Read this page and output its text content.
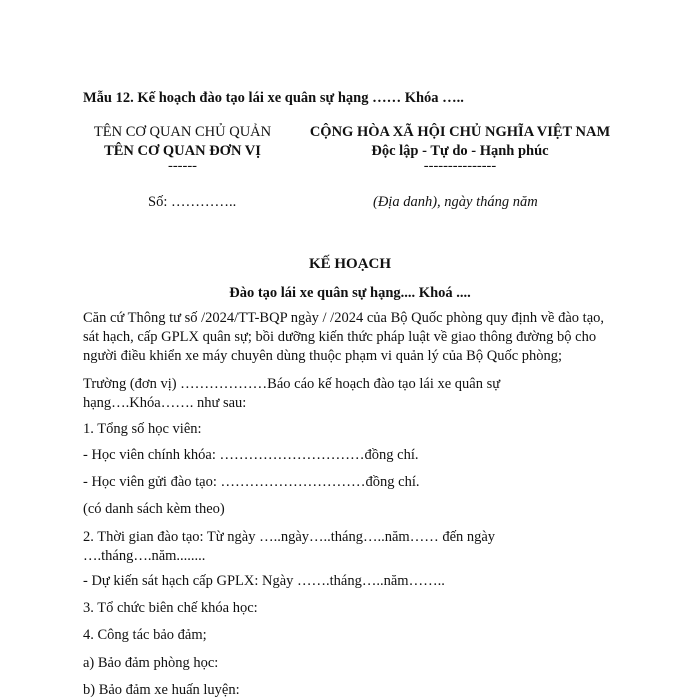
Mẫu 12. Kế hoạch đào tạo lái xe quân sự hạng …… Khóa …..
TÊN CƠ QUAN CHỦ QUẢN
TÊN CƠ QUAN ĐƠN VỊ
------
CỘNG HÒA XÃ HỘI CHỦ NGHĨA VIỆT NAM
Độc lập - Tự do - Hạnh phúc
---------------
Số: …………..	(Địa danh), ngày tháng năm
KẾ HOẠCH
Đào tạo lái xe quân sự hạng.... Khoá ....
Căn cứ Thông tư số /2024/TT-BQP ngày / /2024 của Bộ Quốc phòng quy định về đào tạo, sát hạch, cấp GPLX quân sự; bồi dưỡng kiến thức pháp luật về giao thông đường bộ cho người điều khiển xe máy chuyên dùng thuộc phạm vi quản lý của Bộ Quốc phòng;
Trường (đơn vị) ………………Báo cáo kế hoạch đào tạo lái xe quân sự hạng….Khóa……. như sau:
1. Tổng số học viên:
- Học viên chính khóa: …………………………đồng chí.
- Học viên gửi đào tạo: …………………………đồng chí.
(có danh sách kèm theo)
2. Thời gian đào tạo: Từ ngày …..ngày…..tháng…..năm…… đến ngày ….tháng….năm........
- Dự kiến sát hạch cấp GPLX: Ngày …….tháng…..năm……..
3. Tổ chức biên chế khóa học:
4. Công tác bảo đảm;
a) Bảo đảm phòng học:
b) Bảo đảm xe huấn luyện:
